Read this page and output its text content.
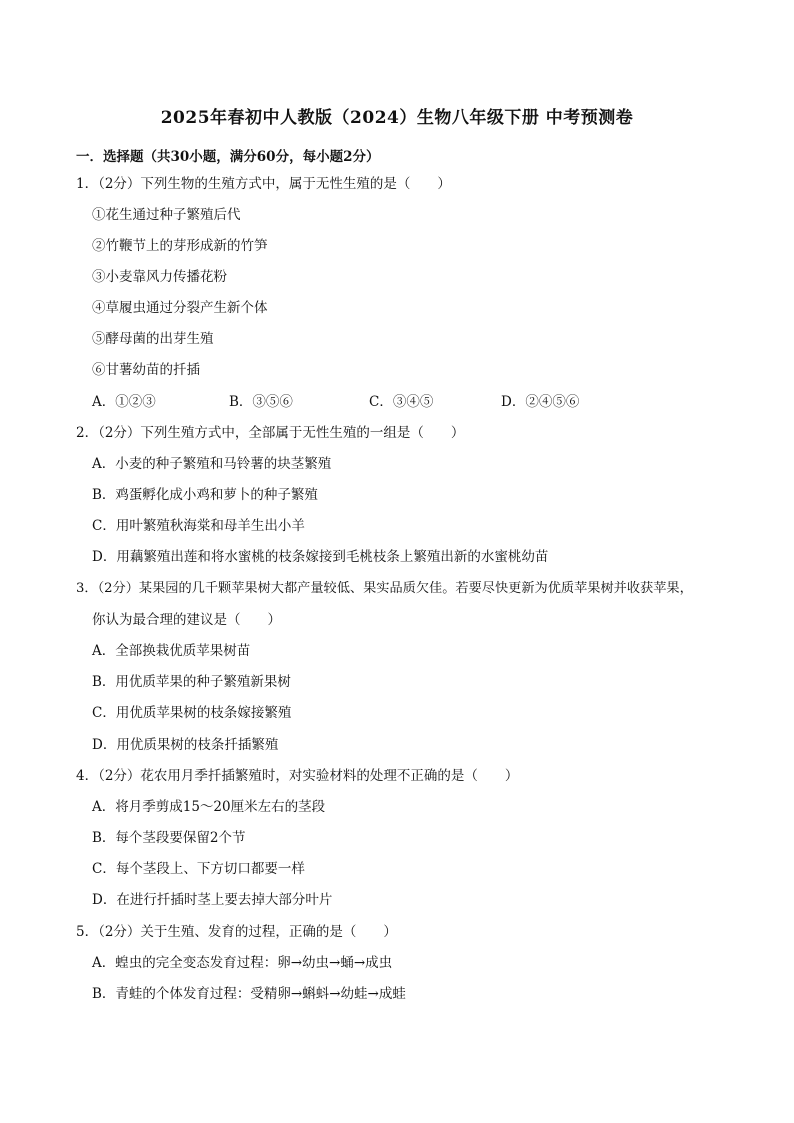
2025年春初中人教版（2024）生物八年级下册 中考预测卷
一．选择题（共30小题，满分60分，每小题2分）
1．（2分）下列生物的生殖方式中，属于无性生殖的是（　　）
①花生通过种子繁殖后代
②竹鞭节上的芽形成新的竹笋
③小麦靠风力传播花粉
④草履虫通过分裂产生新个体
⑤酵母菌的出芽生殖
⑥甘薯幼苗的扦插
A．①②③	B．③⑤⑥	C．③④⑤	D．②④⑤⑥
2．（2分）下列生殖方式中，全部属于无性生殖的一组是（　　）
A．小麦的种子繁殖和马铃薯的块茎繁殖
B．鸡蛋孵化成小鸡和萝卜的种子繁殖
C．用叶繁殖秋海棠和母羊生出小羊
D．用藕繁殖出莲和将水蜜桃的枝条嫁接到毛桃枝条上繁殖出新的水蜜桃幼苗
3．（2分）某果园的几千颗苹果树大都产量较低、果实品质欠佳。若要尽快更新为优质苹果树并收获苹果，
你认为最合理的建议是（　　）
A．全部换栽优质苹果树苗
B．用优质苹果的种子繁殖新果树
C．用优质苹果树的枝条嫁接繁殖
D．用优质果树的枝条扦插繁殖
4．（2分）花农用月季扦插繁殖时，对实验材料的处理不正确的是（　　）
A．将月季剪成15～20厘米左右的茎段
B．每个茎段要保留2个节
C．每个茎段上、下方切口都要一样
D．在进行扦插时茎上要去掉大部分叶片
5．（2分）关于生殖、发育的过程，正确的是（　　）
A．蝗虫的完全变态发育过程：卵→幼虫→蛹→成虫
B．青蛙的个体发育过程：受精卵→蝌蚪→幼蛙→成蛙
